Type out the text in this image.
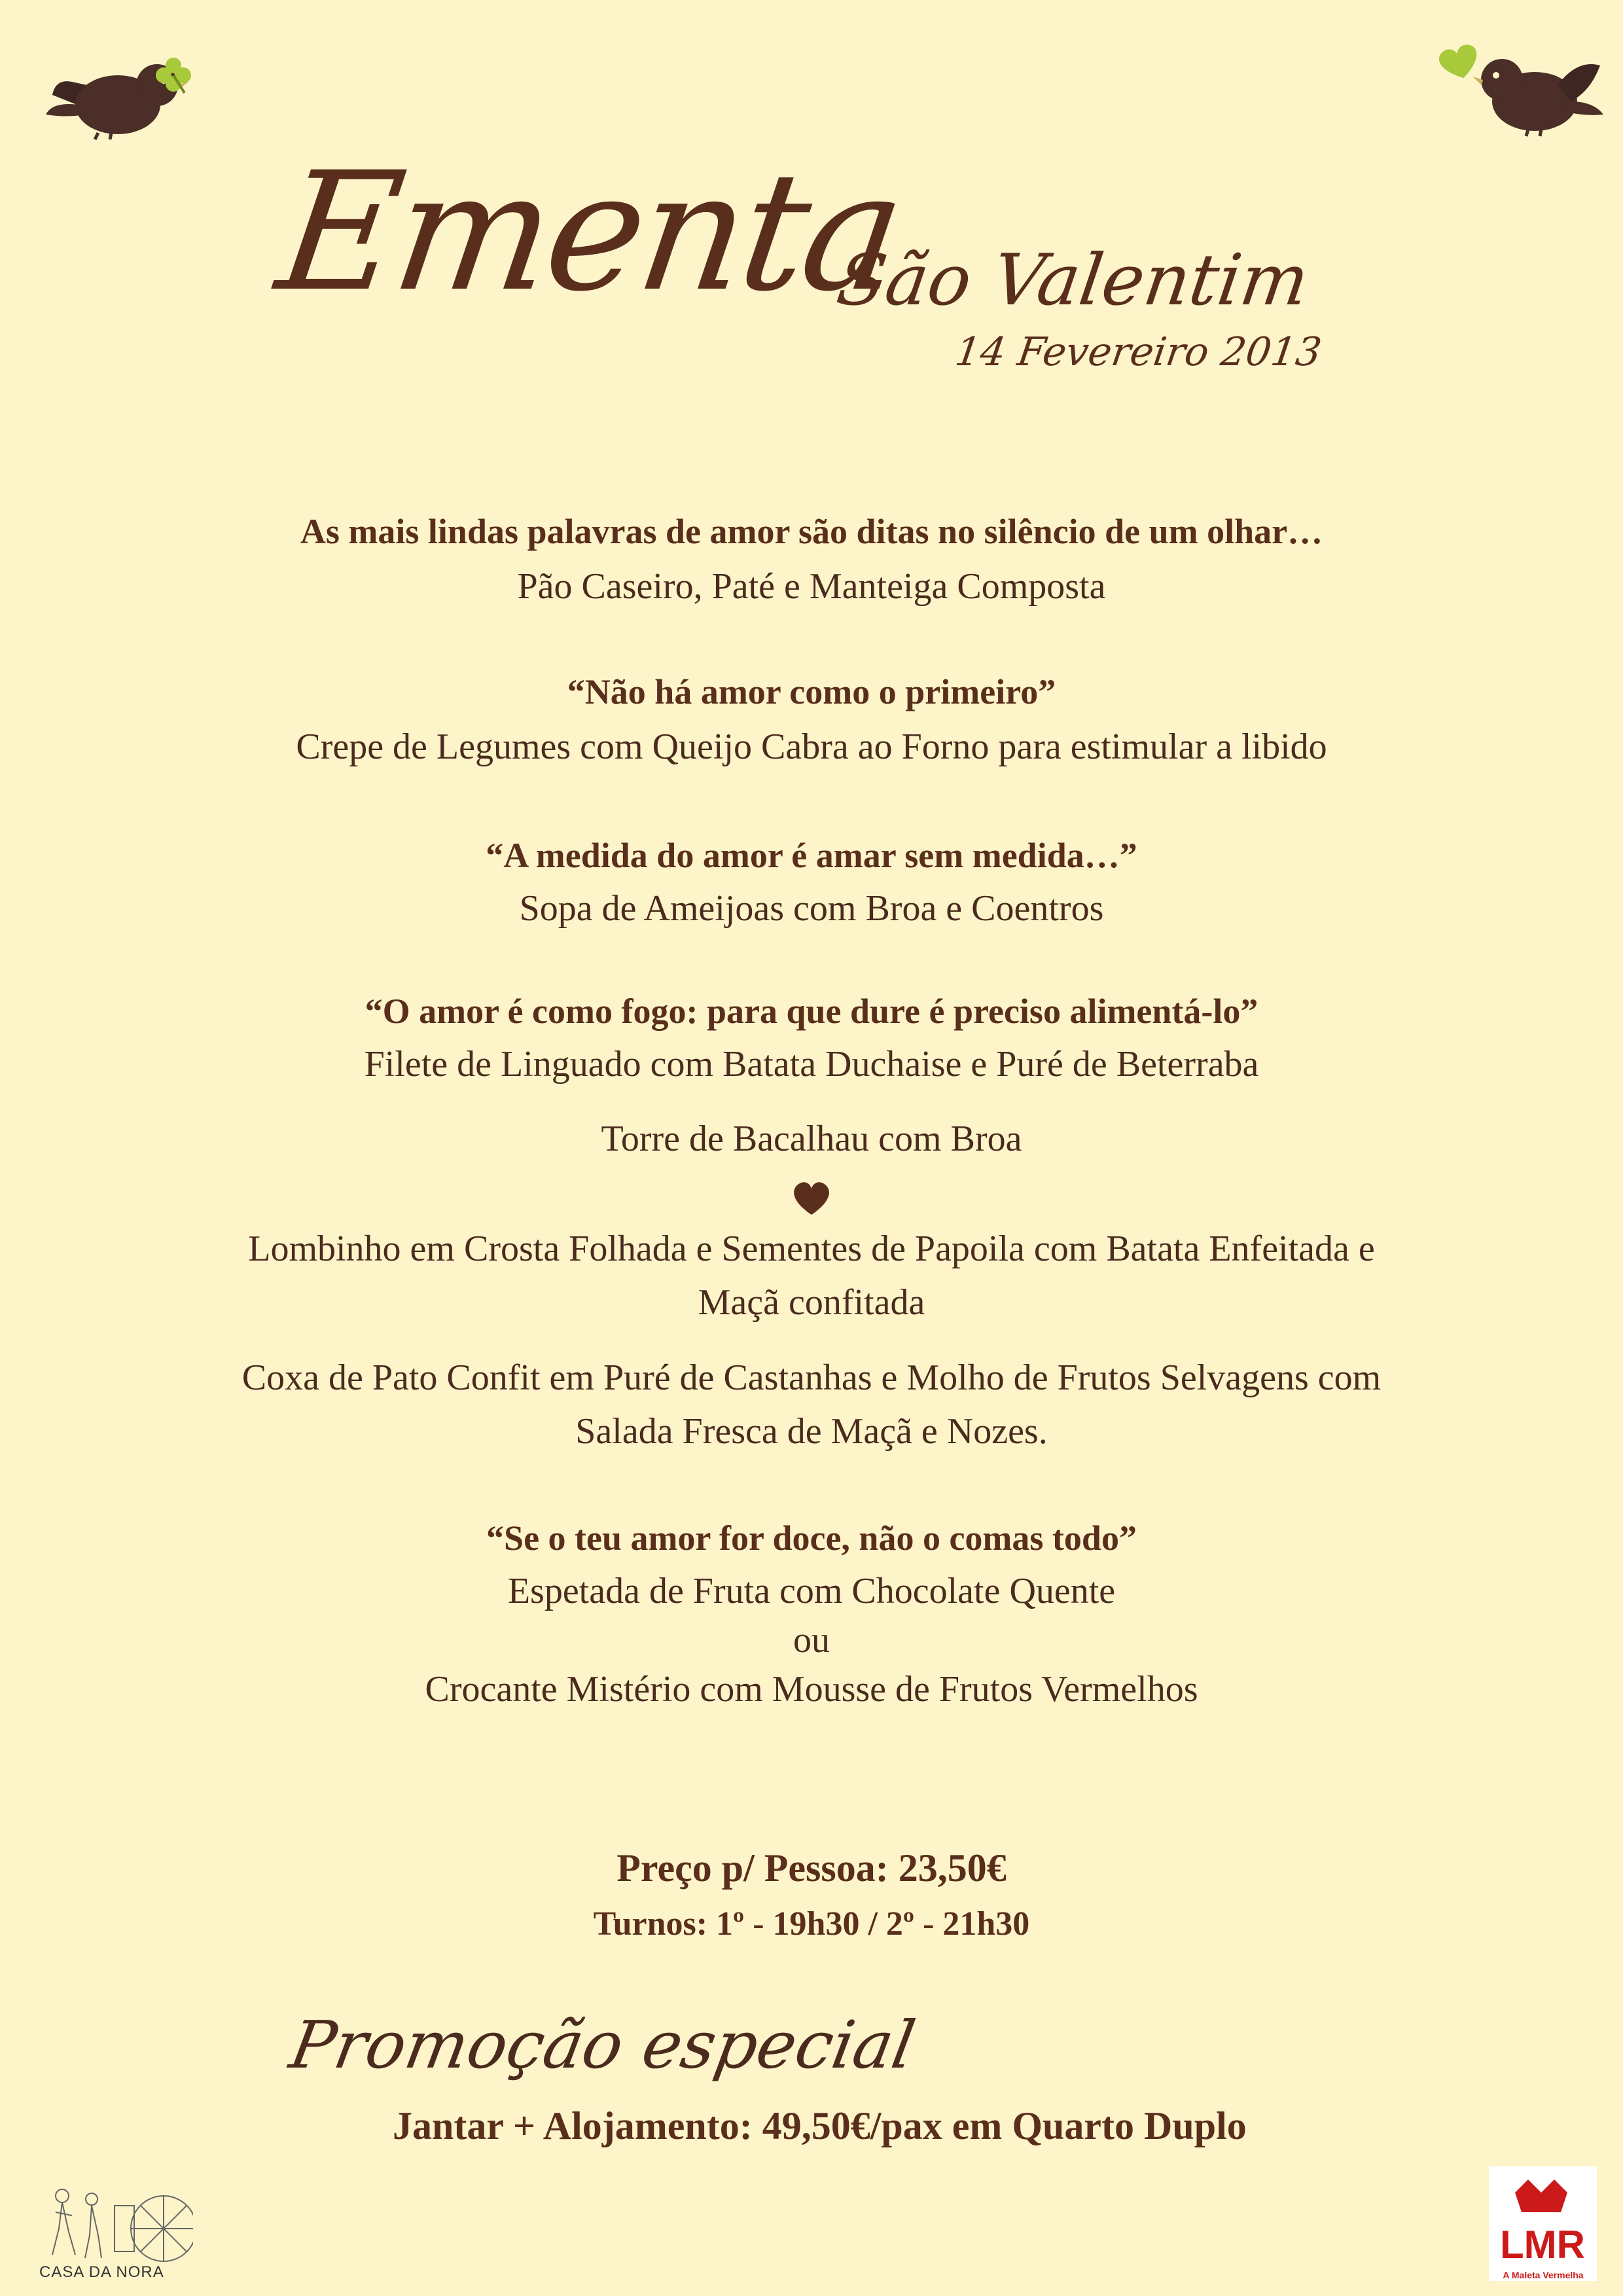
Ementa
São Valentim
14 Fevereiro 2013
As mais lindas palavras de amor são ditas no silêncio de um olhar…
Pão Caseiro, Paté e Manteiga Composta
“Não há amor como o primeiro”
Crepe de Legumes com Queijo Cabra ao Forno para estimular a libido
“A medida do amor é amar sem medida…”
Sopa de Ameijoas com Broa e Coentros
“O amor é como fogo: para que dure é preciso alimentá-lo”
Filete de Linguado com Batata Duchaise e Puré de Beterraba
Torre de Bacalhau com Broa
Lombinho em Crosta Folhada e Sementes de Papoila com Batata Enfeitada e
Maçã confitada
Coxa de Pato Confit em Puré de Castanhas e Molho de Frutos Selvagens com
Salada Fresca de Maçã e Nozes.
“Se o teu amor for doce, não o comas todo”
Espetada de Fruta com Chocolate Quente
ou
Crocante Mistério com Mousse de Frutos Vermelhos
Preço p/ Pessoa: 23,50€
Turnos: 1º - 19h30 / 2º - 21h30
Promoção especial
Jantar + Alojamento: 49,50€/pax em Quarto Duplo
CASA DA NORA
LMR
A Maleta Vermelha
